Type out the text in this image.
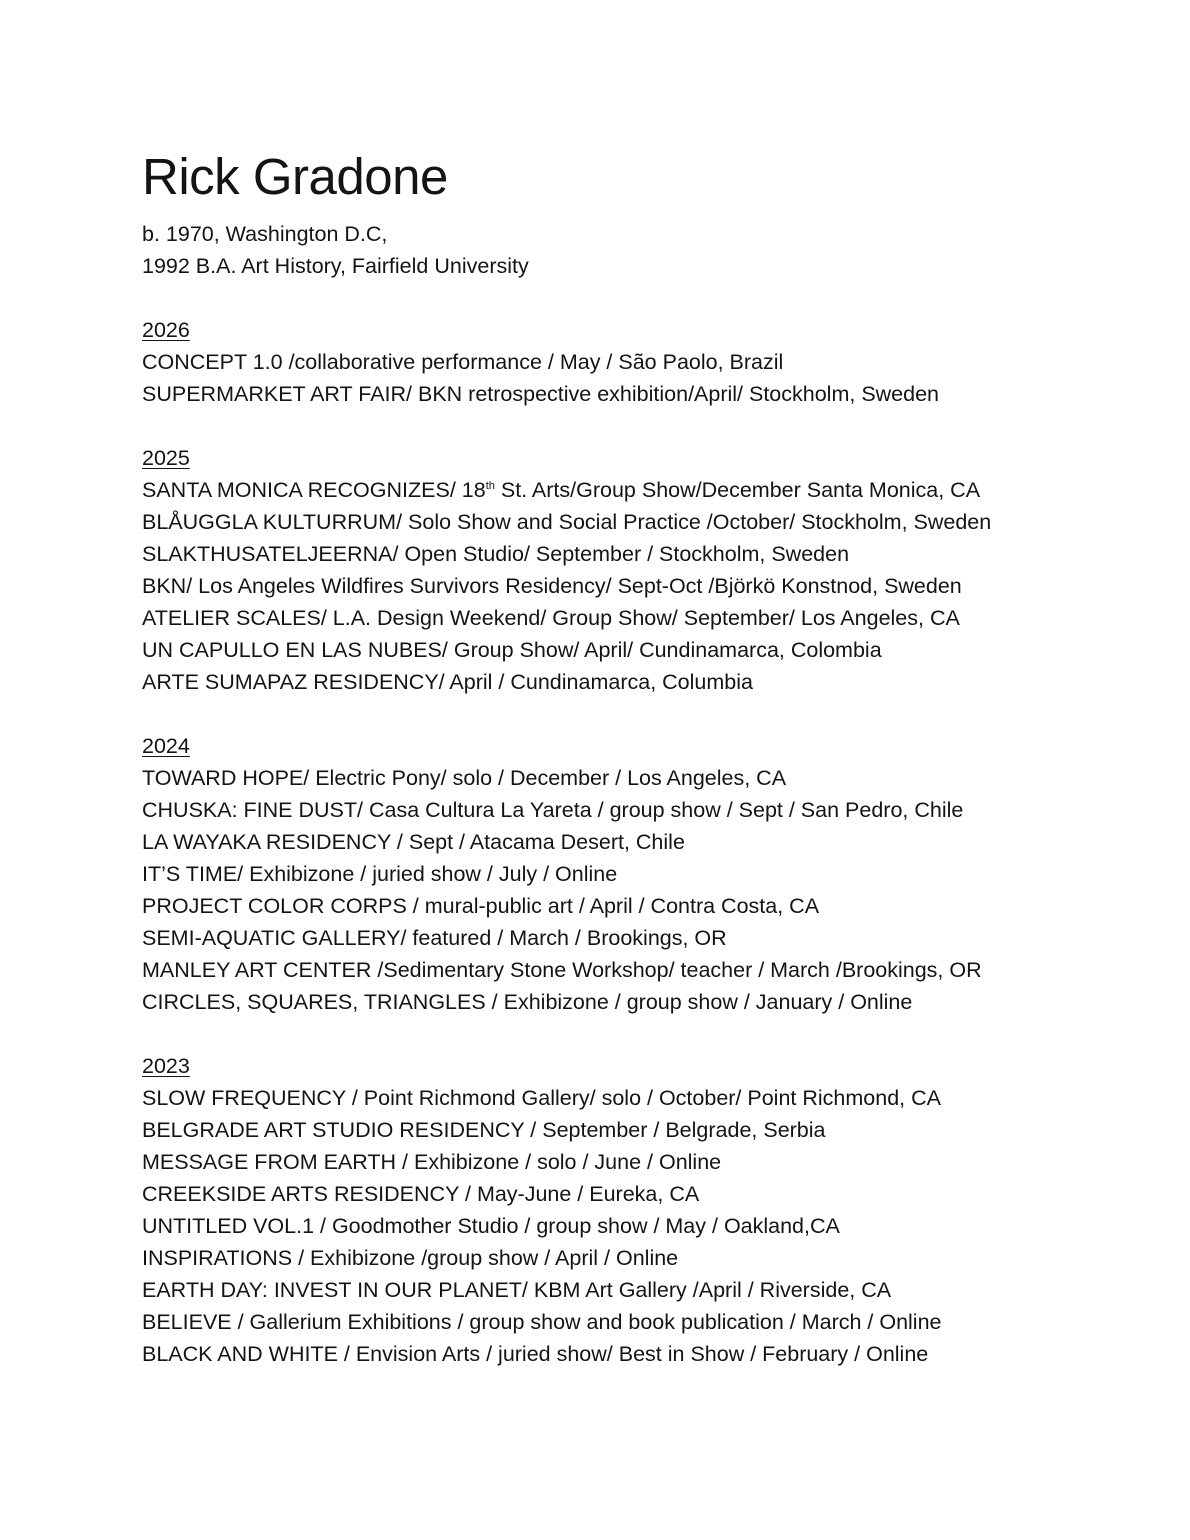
Rick Gradone
b. 1970, Washington D.C,
1992 B.A. Art History, Fairfield University
2026
CONCEPT 1.0 /collaborative performance / May / São Paolo, Brazil
SUPERMARKET ART FAIR/ BKN retrospective exhibition/April/ Stockholm, Sweden
2025
SANTA MONICA RECOGNIZES/ 18th St. Arts/Group Show/December Santa Monica, CA
BLÅUGGLA KULTURRUM/ Solo Show and Social Practice /October/ Stockholm, Sweden
SLAKTHUSATELJEERNA/ Open Studio/ September / Stockholm, Sweden
BKN/ Los Angeles Wildfires Survivors Residency/ Sept-Oct /Björkö Konstnod, Sweden
ATELIER SCALES/ L.A. Design Weekend/ Group Show/ September/ Los Angeles, CA
UN CAPULLO EN LAS NUBES/ Group Show/ April/ Cundinamarca, Colombia
ARTE SUMAPAZ RESIDENCY/ April / Cundinamarca, Columbia
2024
TOWARD HOPE/ Electric Pony/ solo / December / Los Angeles, CA
CHUSKA: FINE DUST/ Casa Cultura La Yareta / group show / Sept / San Pedro, Chile
LA WAYAKA RESIDENCY / Sept / Atacama Desert, Chile
IT’S TIME/ Exhibizone / juried show / July / Online
PROJECT COLOR CORPS / mural-public art / April / Contra Costa, CA
SEMI-AQUATIC GALLERY/ featured / March / Brookings, OR
MANLEY ART CENTER /Sedimentary Stone Workshop/ teacher / March /Brookings, OR
CIRCLES, SQUARES, TRIANGLES / Exhibizone / group show / January / Online
2023
SLOW FREQUENCY / Point Richmond Gallery/ solo / October/ Point Richmond, CA
BELGRADE ART STUDIO RESIDENCY / September / Belgrade, Serbia
MESSAGE FROM EARTH / Exhibizone / solo / June / Online
CREEKSIDE ARTS RESIDENCY / May-June / Eureka, CA
UNTITLED VOL.1 / Goodmother Studio / group show / May / Oakland,CA
INSPIRATIONS / Exhibizone /group show / April / Online
EARTH DAY: INVEST IN OUR PLANET/ KBM Art Gallery /April / Riverside, CA
BELIEVE / Gallerium Exhibitions / group show and book publication / March / Online
BLACK AND WHITE / Envision Arts / juried show/ Best in Show / February / Online
